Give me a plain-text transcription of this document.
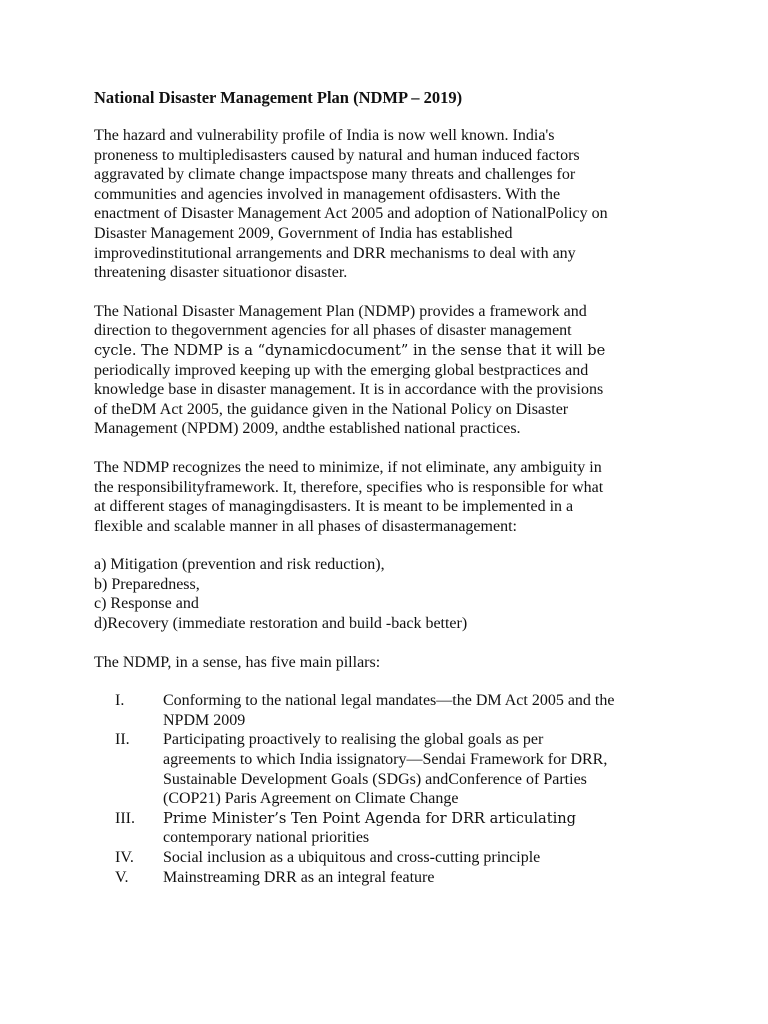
National Disaster Management Plan (NDMP – 2019)
The hazard and vulnerability profile of India is now well known. India's
proneness to multipledisasters caused by natural and human induced factors
aggravated by climate change impactspose many threats and challenges for
communities and agencies involved in management ofdisasters. With the
enactment of Disaster Management Act 2005 and adoption of NationalPolicy on
Disaster Management 2009, Government of India has established
improvedinstitutional arrangements and DRR mechanisms to deal with any
threatening disaster situationor disaster.
The National Disaster Management Plan (NDMP) provides a framework and
direction to thegovernment agencies for all phases of disaster management
cycle. The NDMP is a “dynamicdocument” in the sense that it will be
periodically improved keeping up with the emerging global bestpractices and
knowledge base in disaster management. It is in accordance with the provisions
of theDM Act 2005, the guidance given in the National Policy on Disaster
Management (NPDM) 2009, andthe established national practices.
The NDMP recognizes the need to minimize, if not eliminate, any ambiguity in
the responsibilityframework. It, therefore, specifies who is responsible for what
at different stages of managingdisasters. It is meant to be implemented in a
flexible and scalable manner in all phases of disastermanagement:
a) Mitigation (prevention and risk reduction),
b) Preparedness,
c) Response and
d)Recovery (immediate restoration and build -back better)
The NDMP, in a sense, has five main pillars:
I. Conforming to the national legal mandates—the DM Act 2005 and the
NPDM 2009
II. Participating proactively to realising the global goals as per
agreements to which India issignatory—Sendai Framework for DRR,
Sustainable Development Goals (SDGs) andConference of Parties
(COP21) Paris Agreement on Climate Change
III. Prime Minister’s Ten Point Agenda for DRR articulating
contemporary national priorities
IV. Social inclusion as a ubiquitous and cross-cutting principle
V. Mainstreaming DRR as an integral feature
